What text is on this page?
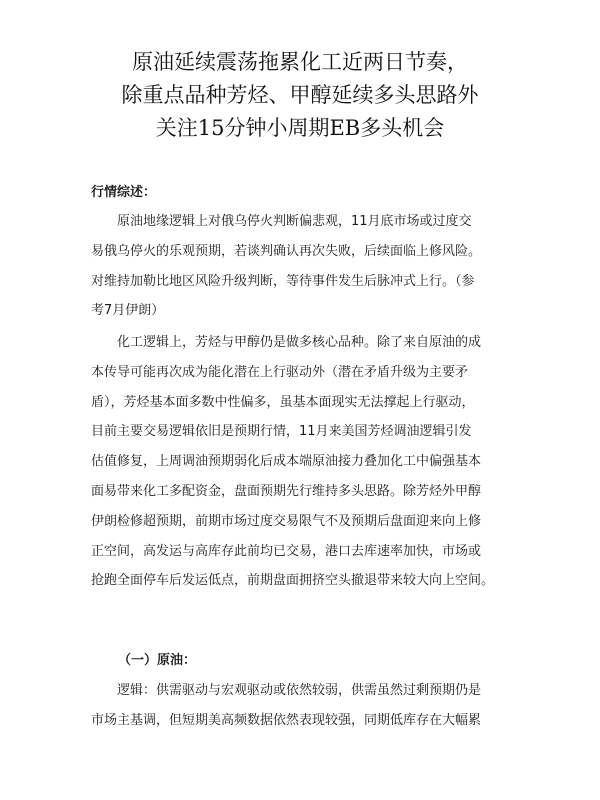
原油延续震荡拖累化工近两日节奏，
除重点品种芳烃、甲醇延续多头思路外
关注15分钟小周期EB多头机会
行情综述：
　　原油地缘逻辑上对俄乌停火判断偏悲观，11月底市场或过度交
易俄乌停火的乐观预期，若谈判确认再次失败，后续面临上修风险。
对维持加勒比地区风险升级判断，等待事件发生后脉冲式上行。（参
考7月伊朗）
　　化工逻辑上，芳烃与甲醇仍是做多核心品种。除了来自原油的成
本传导可能再次成为能化潜在上行驱动外（潜在矛盾升级为主要矛
盾），芳烃基本面多数中性偏多，虽基本面现实无法撑起上行驱动，
目前主要交易逻辑依旧是预期行情，11月来美国芳烃调油逻辑引发
估值修复，上周调油预期弱化后成本端原油接力叠加化工中偏强基本
面易带来化工多配资金，盘面预期先行维持多头思路。除芳烃外甲醇
伊朗检修超预期，前期市场过度交易限气不及预期后盘面迎来向上修
正空间，高发运与高库存此前均已交易，港口去库速率加快，市场或
抢跑全面停车后发运低点，前期盘面拥挤空头撤退带来较大向上空间。
（一）原油：
　　逻辑：供需驱动与宏观驱动或依然较弱，供需虽然过剩预期仍是
市场主基调，但短期美高频数据依然表现较强，同期低库存在大幅累
